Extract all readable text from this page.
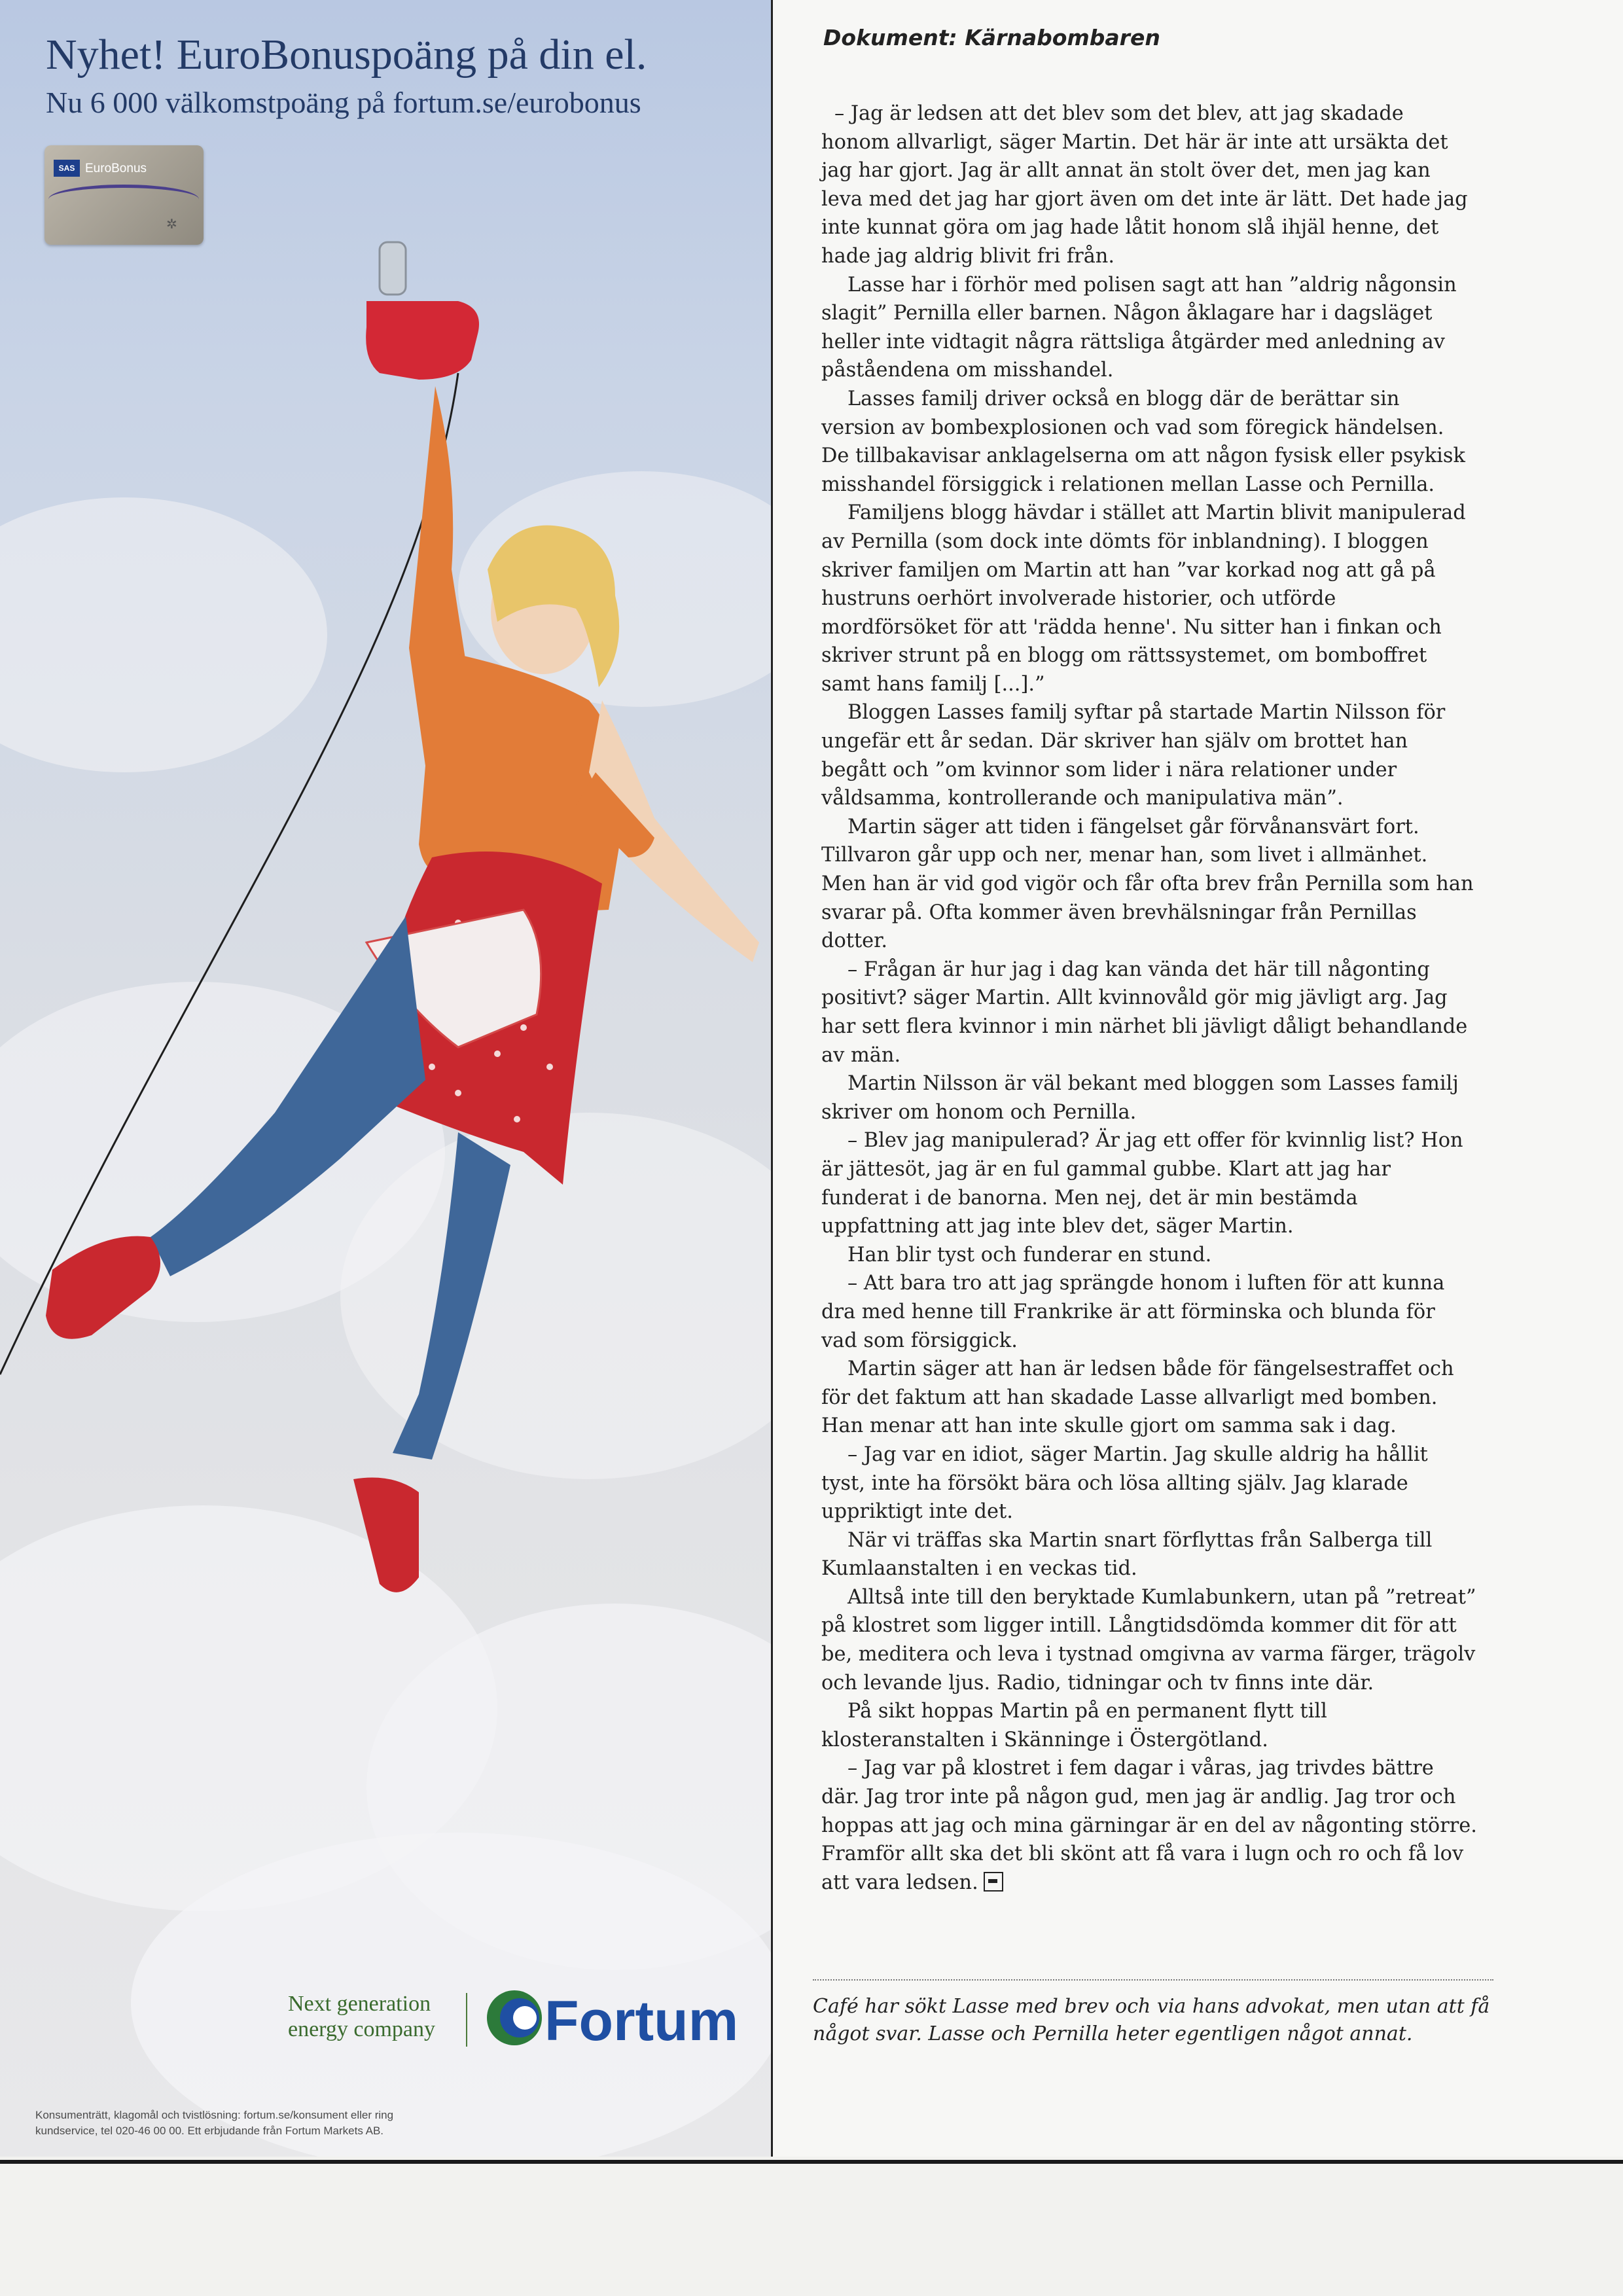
Nyhet! EuroBonuspoäng på din el.
Nu 6 000 välkomstpoäng på fortum.se/eurobonus
SAS EuroBonus
✲
Next generation
energy company Fortum
Konsumenträtt, klagomål och tvistlösning: fortum.se/konsument eller ring
kundservice, tel 020-46 00 00. Ett erbjudande från Fortum Markets AB.
Dokument: Kärnabombaren

– Jag är ledsen att det blev som det blev, att jag skadade honom allvarligt, säger Martin. Det här är inte att ursäkta det jag har gjort. Jag är allt annat än stolt över det, men jag kan leva med det jag har gjort även om det inte är lätt. Det hade jag inte kunnat göra om jag hade låtit honom slå ihjäl henne, det hade jag aldrig blivit fri från.

Lasse har i förhör med polisen sagt att han ”aldrig någonsin slagit” Pernilla eller barnen. Någon åklagare har i dagsläget heller inte vidtagit några rättsliga åtgärder med anledning av påståendena om misshandel.

Lasses familj driver också en blogg där de berättar sin version av bombexplosionen och vad som föregick händelsen. De tillbakavisar anklagelserna om att någon fysisk eller psykisk misshandel försiggick i relationen mellan Lasse och Pernilla.

Familjens blogg hävdar i stället att Martin blivit manipulerad av Pernilla (som dock inte dömts för inblandning). I bloggen skriver familjen om Martin att han ”var korkad nog att gå på hustruns oerhört involverade historier, och utförde mordförsöket för att 'rädda henne'. Nu sitter han i finkan och skriver strunt på en blogg om rättssystemet, om bomboffret samt hans familj [...].”

Bloggen Lasses familj syftar på startade Martin Nilsson för ungefär ett år sedan. Där skriver han själv om brottet han begått och ”om kvinnor som lider i nära relationer under våldsamma, kontrollerande och manipulativa män”.

Martin säger att tiden i fängelset går förvånansvärt fort. Tillvaron går upp och ner, menar han, som livet i allmänhet. Men han är vid god vigör och får ofta brev från Pernilla som han svarar på. Ofta kommer även brevhälsningar från Pernillas dotter.

– Frågan är hur jag i dag kan vända det här till någonting positivt? säger Martin. Allt kvinnovåld gör mig jävligt arg. Jag har sett flera kvinnor i min närhet bli jävligt dåligt behandlande av män.

Martin Nilsson är väl bekant med bloggen som Lasses familj skriver om honom och Pernilla.

– Blev jag manipulerad? Är jag ett offer för kvinnlig list? Hon är jättesöt, jag är en ful gammal gubbe. Klart att jag har funderat i de banorna. Men nej, det är min bestämda uppfattning att jag inte blev det, säger Martin.

Han blir tyst och funderar en stund.

– Att bara tro att jag sprängde honom i luften för att kunna dra med henne till Frankrike är att förminska och blunda för vad som försiggick.

Martin säger att han är ledsen både för fängelsestraffet och för det faktum att han skadade Lasse allvarligt med bomben. Han menar att han inte skulle gjort om samma sak i dag.

– Jag var en idiot, säger Martin. Jag skulle aldrig ha hållit tyst, inte ha försökt bära och lösa allting själv. Jag klarade uppriktigt inte det.

När vi träffas ska Martin snart förflyttas från Salberga till Kumlaanstalten i en veckas tid.

Alltså inte till den beryktade Kumlabunkern, utan på ”retreat” på klostret som ligger intill. Långtidsdömda kommer dit för att be, meditera och leva i tystnad omgivna av varma färger, trägolv och levande ljus. Radio, tidningar och tv finns inte där.

På sikt hoppas Martin på en permanent flytt till klosteranstalten i Skänninge i Östergötland.

– Jag var på klostret i fem dagar i våras, jag trivdes bättre där. Jag tror inte på någon gud, men jag är andlig. Jag tror och hoppas att jag och mina gärningar är en del av någonting större. Framför allt ska det bli skönt att få vara i lugn och ro och få lov att vara ledsen.

Café har sökt Lasse med brev och via hans advokat, men utan att få något svar. Lasse och Pernilla heter egentligen något annat.
